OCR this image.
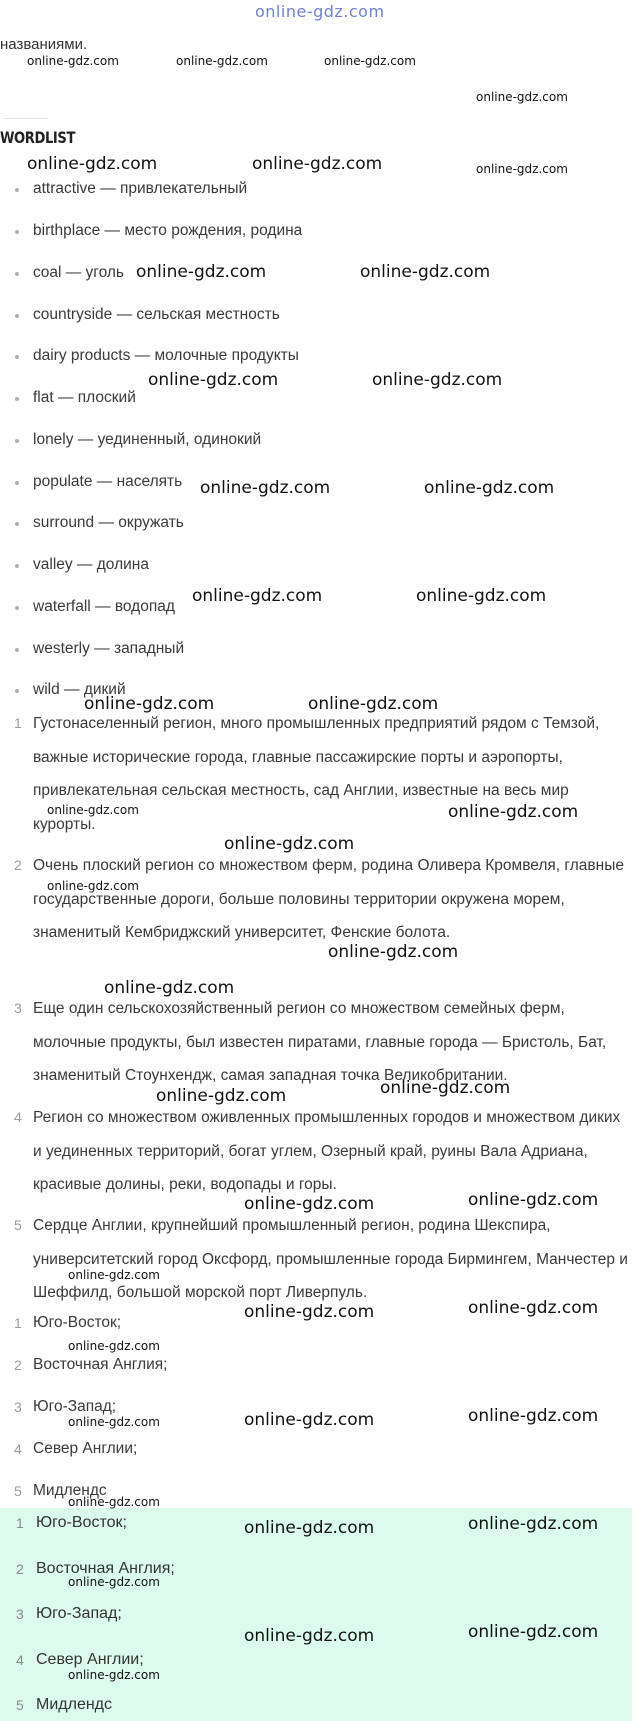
online-gdz.com
названиями.
WORDLIST
attractive — привлекательный
birthplace — место рождения, родина
coal — уголь
countryside — сельская местность
dairy products — молочные продукты
flat — плоский
lonely — уединенный, одинокий
populate — населять
surround — окружать
valley — долина
waterfall — водопад
westerly — западный
wild — дикий
1 Густонаселенный регион, много промышленных предприятий рядом с Темзой, важные исторические города, главные пассажирские порты и аэропорты, привлекательная сельская местность, сад Англии, известные на весь мир курорты.
2 Очень плоский регион со множеством ферм, родина Оливера Кромвеля, главные государственные дороги, больше половины территории окружена морем, знаменитый Кембриджский университет, Фенские болота.
3 Еще один сельскохозяйственный регион со множеством семейных ферм, молочные продукты, был известен пиратами, главные города — Бристоль, Бат, знаменитый Стоунхендж, самая западная точка Великобритании.
4 Регион со множеством оживленных промышленных городов и множеством диких и уединенных территорий, богат углем, Озерный край, руины Вала Адриана, красивые долины, реки, водопады и горы.
5 Сердце Англии, крупнейший промышленный регион, родина Шекспира, университетский город Оксфорд, промышленные города Бирмингем, Манчестер и Шеффилд, большой морской порт Ливерпуль.
1 Юго-Восток;
2 Восточная Англия;
3 Юго-Запад;
4 Север Англии;
5 Мидлендс
1 Юго-Восток;
2 Восточная Англия;
3 Юго-Запад;
4 Север Англии;
5 Мидлендс
online-gdz.com	online-gdz.com	online-gdz.com
online-gdz.com
online-gdz.com	online-gdz.com	online-gdz.com
online-gdz.com	online-gdz.com
online-gdz.com	online-gdz.com
online-gdz.com	online-gdz.com
online-gdz.com	online-gdz.com
online-gdz.com	online-gdz.com
online-gdz.com	online-gdz.com
online-gdz.com
online-gdz.com
online-gdz.com
online-gdz.com
online-gdz.com
online-gdz.com
online-gdz.com
online-gdz.com
online-gdz.com
online-gdz.com
online-gdz.com
online-gdz.com
online-gdz.com	online-gdz.com
online-gdz.com
online-gdz.com
online-gdz.com
online-gdz.com
online-gdz.com
online-gdz.com
online-gdz.com
online-gdz.com
